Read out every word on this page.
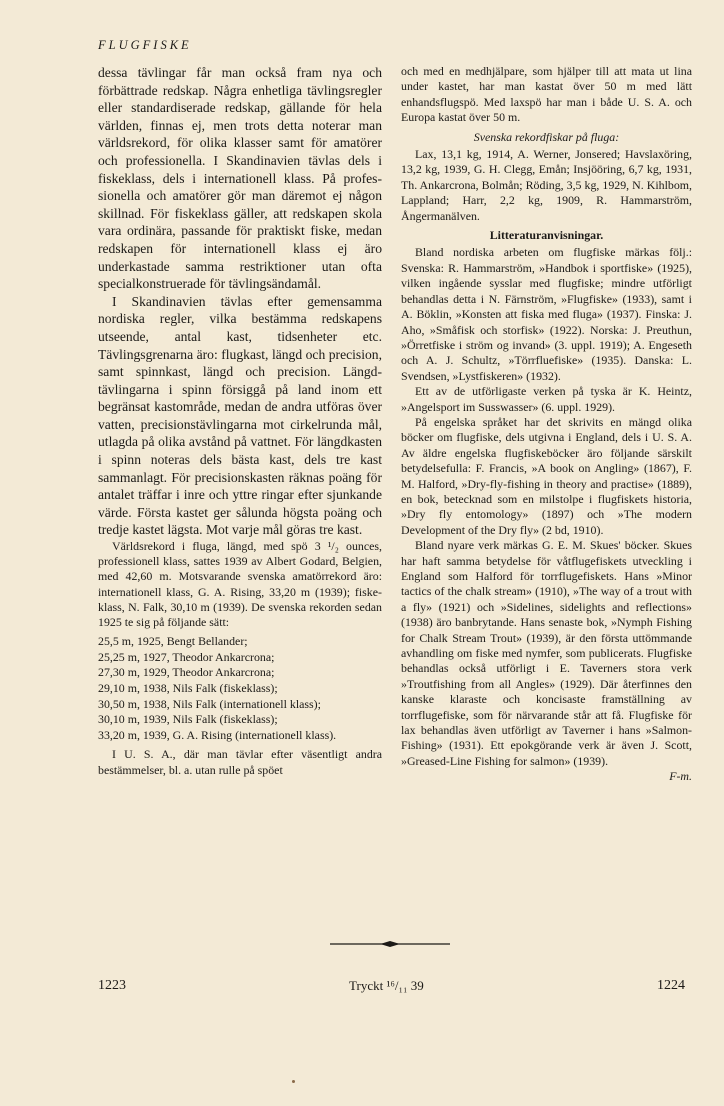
FLUGFISKE

dessa tävlingar får man också fram nya och förbättrade redskap. Några enhetliga tävlingsregler eller standardiserade redskap, gällande för hela världen, finnas ej, men trots detta noterar man världsrekord, för olika klasser samt för amatörer och professionella. I Skandinavien tävlas dels i fiskeklass, dels i internationell klass. På professionella och amatörer gör man däremot ej någon skillnad. För fiskeklass gäller, att redskapen skola vara ordinära, passande för praktiskt fiske, medan redskapen för internationell klass ej äro underkastade samma restriktioner utan ofta specialkonstruerade för tävlingsändamål.

I Skandinavien tävlas efter gemensamma nordiska regler, vilka bestämma redskapens utseende, antal kast, tidsenheter etc. Tävlingsgrenarna äro: flugkast, längd och precision, samt spinnkast, längd och precision. Längdtävlingarna i spinn försiggå på land inom ett begränsat kastområde, medan de andra utföras över vatten, precisionstävlingarna mot cirkelrunda mål, utlagda på olika avstånd på vattnet. För längdkasten i spinn noteras dels bästa kast, dels tre kast sammanlagt. För precisionskasten räknas poäng för antalet träffar i inre och yttre ringar efter sjunkande värde. Första kastet ger sålunda högsta poäng och tredje kastet lägsta. Mot varje mål göras tre kast.

Världsrekord i fluga, längd, med spö 3 ¹/₂ ounces, professionell klass, sattes 1939 av Albert Godard, Belgien, med 42,60 m. Motsvarande svenska amatörrekord äro: internationell klass, G. A. Rising, 33,20 m (1939); fiskeklass, N. Falk, 30,10 m (1939). De svenska rekorden sedan 1925 te sig på följande sätt:

25,5 m, 1925, Bengt Bellander;
25,25 m, 1927, Theodor Ankarcrona;
27,30 m, 1929, Theodor Ankarcrona;
29,10 m, 1938, Nils Falk (fiskeklass);
30,50 m, 1938, Nils Falk (internationell klass);
30,10 m, 1939, Nils Falk (fiskeklass);
33,20 m, 1939, G. A. Rising (internationell klass).

I U. S. A., där man tävlar efter väsentligt andra bestämmelser, bl. a. utan rulle på spöet

och med en medhjälpare, som hjälper till att mata ut lina under kastet, har man kastat över 50 m med lätt enhandsflugspö. Med laxspö har man i både U. S. A. och Europa kastat över 50 m.

Svenska rekordfiskar på fluga:

Lax, 13,1 kg, 1914, A. Werner, Jonsered; Havslaxöring, 13,2 kg, 1939, G. H. Clegg, Emån; Insjööring, 6,7 kg, 1931, Th. Ankarcrona, Bolmån; Röding, 3,5 kg, 1929, N. Kihlbom, Lappland; Harr, 2,2 kg, 1909, R. Hammarström, Ångermanälven.

Litteraturanvisningar.

Bland nordiska arbeten om flugfiske märkas följ.: Svenska: R. Hammarström, »Handbok i sportfiske» (1925), vilken ingående sysslar med flugfiske; mindre utförligt behandlas detta i N. Färnström, »Flugfiske» (1933), samt i A. Böklin, »Konsten att fiska med fluga» (1937). Finska: J. Aho, »Småfisk och storfisk» (1922). Norska: J. Preuthun, »Örretfiske i ström og invand» (3. uppl. 1919); A. Engeseth och A. J. Schultz, »Törrfluefiske» (1935). Danska: L. Svendsen, »Lystfiskeren» (1932).

Ett av de utförligaste verken på tyska är K. Heintz, »Angelsport im Susswasser» (6. uppl. 1929).

På engelska språket har det skrivits en mängd olika böcker om flugfiske, dels utgivna i England, dels i U. S. A. Av äldre engelska flugfiskeböcker äro följande särskilt betydelsefulla: F. Francis, »A book on Angling» (1867), F. M. Halford, »Dry-fly-fishing in theory and practise» (1889), en bok, betecknad som en milstolpe i flugfiskets historia, »Dry fly entomology» (1897) och »The modern Development of the Dry fly» (2 bd, 1910).

Bland nyare verk märkas G. E. M. Skues' böcker. Skues har haft samma betydelse för våtflugefiskets utveckling i England som Halford för torrflugefiskets. Hans »Minor tactics of the chalk stream» (1910), »The way of a trout with a fly» (1921) och »Sidelines, sidelights and reflections» (1938) äro banbrytande. Hans senaste bok, »Nymph Fishing for Chalk Stream Trout» (1939), är den första uttömmande avhandling om fiske med nymfer, som publicerats. Flugfiske behandlas också utförligt i E. Taverners stora verk »Troutfishing from all Angles» (1929). Där återfinnes den kanske klaraste och koncisaste framställning av torrflugefiske, som för närvarande står att få. Flugfiske för lax behandlas även utförligt av Taverner i hans »Salmon-Fishing» (1931). Ett epokgörande verk är även J. Scott, »Greased-Line Fishing for salmon» (1939).

F-m.

1223	Tryckt ¹⁶/₁₁ 39	1224
